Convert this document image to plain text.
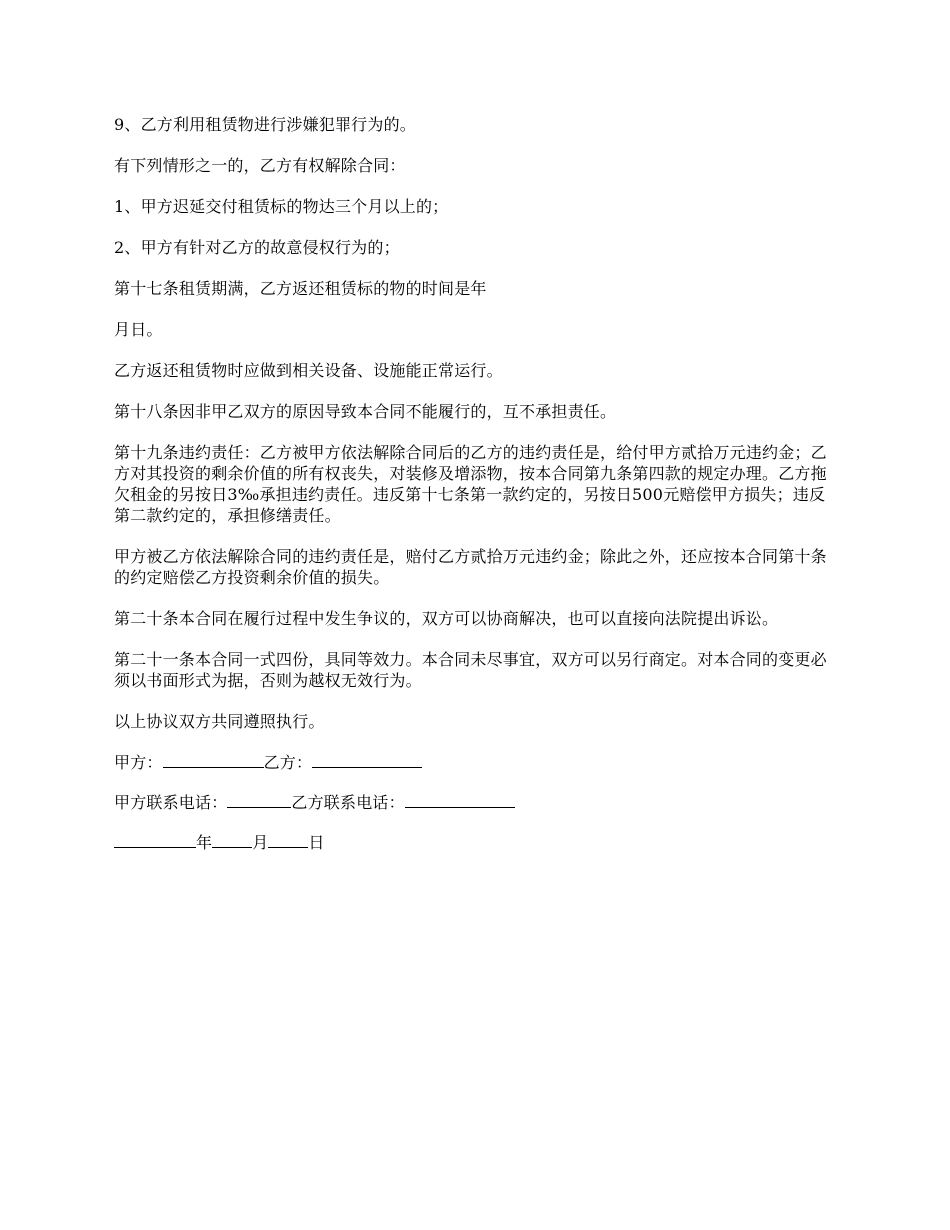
9、乙方利用租赁物进行涉嫌犯罪行为的。

有下列情形之一的，乙方有权解除合同：

1、甲方迟延交付租赁标的物达三个月以上的；

2、甲方有针对乙方的故意侵权行为的；

第十七条租赁期满，乙方返还租赁标的物的时间是年

月日。

乙方返还租赁物时应做到相关设备、设施能正常运行。

第十八条因非甲乙双方的原因导致本合同不能履行的，互不承担责任。

第十九条违约责任：乙方被甲方依法解除合同后的乙方的违约责任是，给付甲方贰拾万元违约金；乙方对其投资的剩余价值的所有权丧失，对装修及增添物，按本合同第九条第四款的规定办理。乙方拖欠租金的另按日3‰承担违约责任。违反第十七条第一款约定的，另按日500元赔偿甲方损失；违反第二款约定的，承担修缮责任。

甲方被乙方依法解除合同的违约责任是，赔付乙方贰拾万元违约金；除此之外，还应按本合同第十条的约定赔偿乙方投资剩余价值的损失。

第二十条本合同在履行过程中发生争议的，双方可以协商解决，也可以直接向法院提出诉讼。

第二十一条本合同一式四份，具同等效力。本合同未尽事宜，双方可以另行商定。对本合同的变更必须以书面形式为据，否则为越权无效行为。

以上协议双方共同遵照执行。

甲方：	乙方：

甲方联系电话：	乙方联系电话：

年	月	日
